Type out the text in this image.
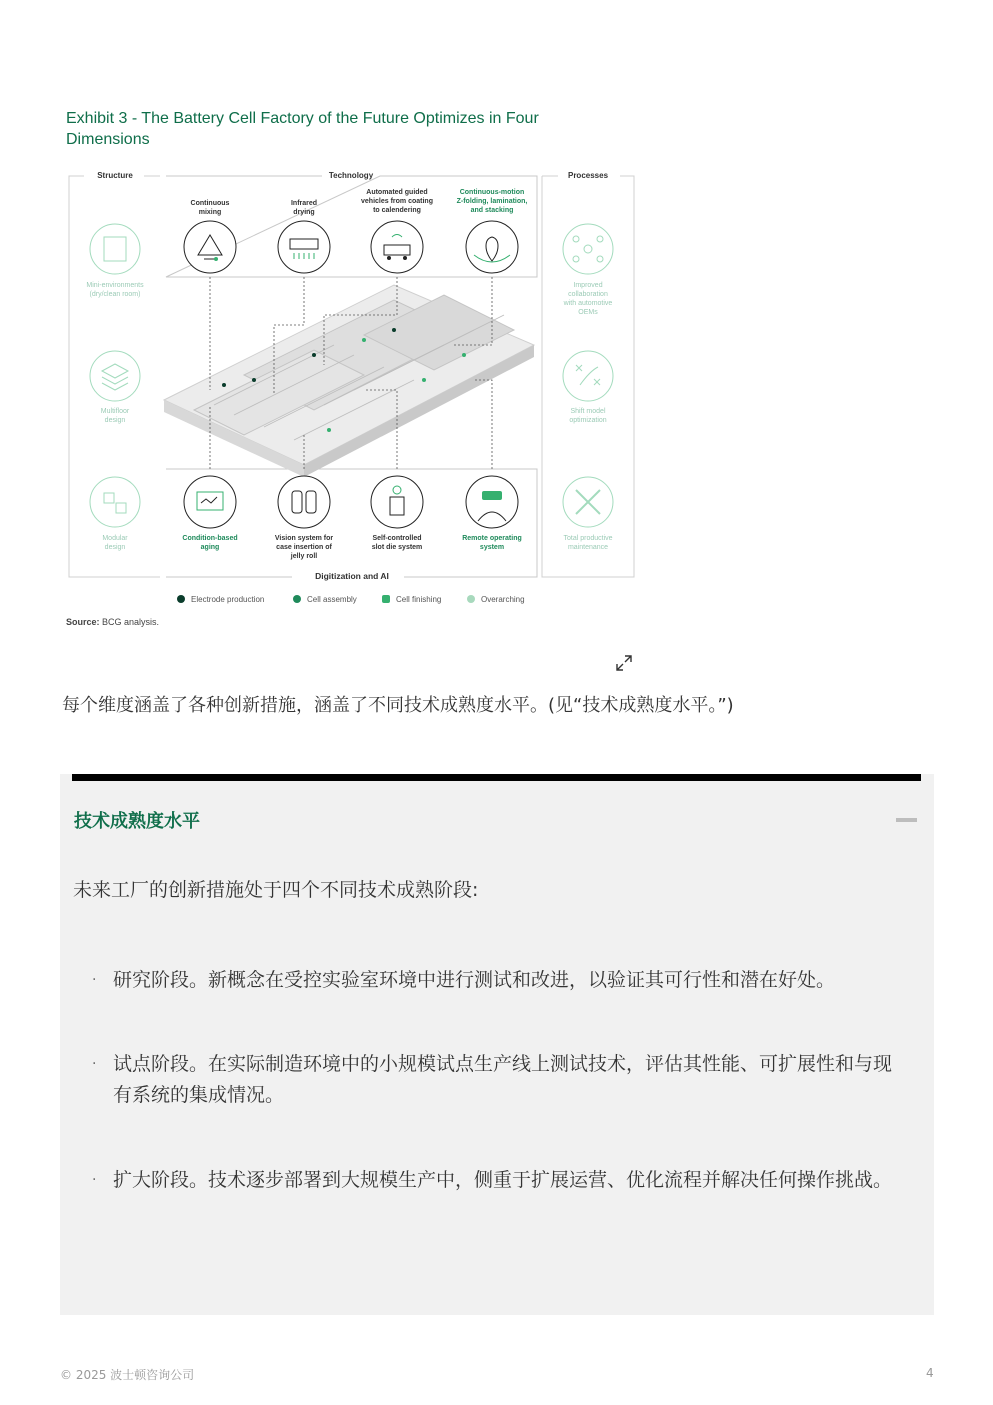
Exhibit 3 - The Battery Cell Factory of the Future Optimizes in Four Dimensions
Structure	Technology	Processes
Digitization and AI
Continuous mixing
Infrared drying
Automated guided vehicles from coating to calendering
Continuous-motion Z-folding, lamination, and stacking
Condition-based aging
Vision system for case insertion of jelly roll
Self-controlled slot die system
Remote operating system
Mini-environments (dry/clean room)
Multifloor design
Modular design
Improved collaboration with automotive OEMs
Shift model optimization
Total productive maintenance
Electrode production	Cell assembly	Cell finishing	Overarching
Source: BCG analysis.
每个维度涵盖了各种创新措施，涵盖了不同技术成熟度水平。(见“技术成熟度水平。”)
技术成熟度水平
未来工厂的创新措施处于四个不同技术成熟阶段:
· 研究阶段。新概念在受控实验室环境中进行测试和改进，以验证其可行性和潜在好处。
· 试点阶段。在实际制造环境中的小规模试点生产线上测试技术，评估其性能、可扩展性和与现有系统的集成情况。
· 扩大阶段。技术逐步部署到大规模生产中，侧重于扩展运营、优化流程并解决任何操作挑战。
© 2025 波士顿咨询公司	4
